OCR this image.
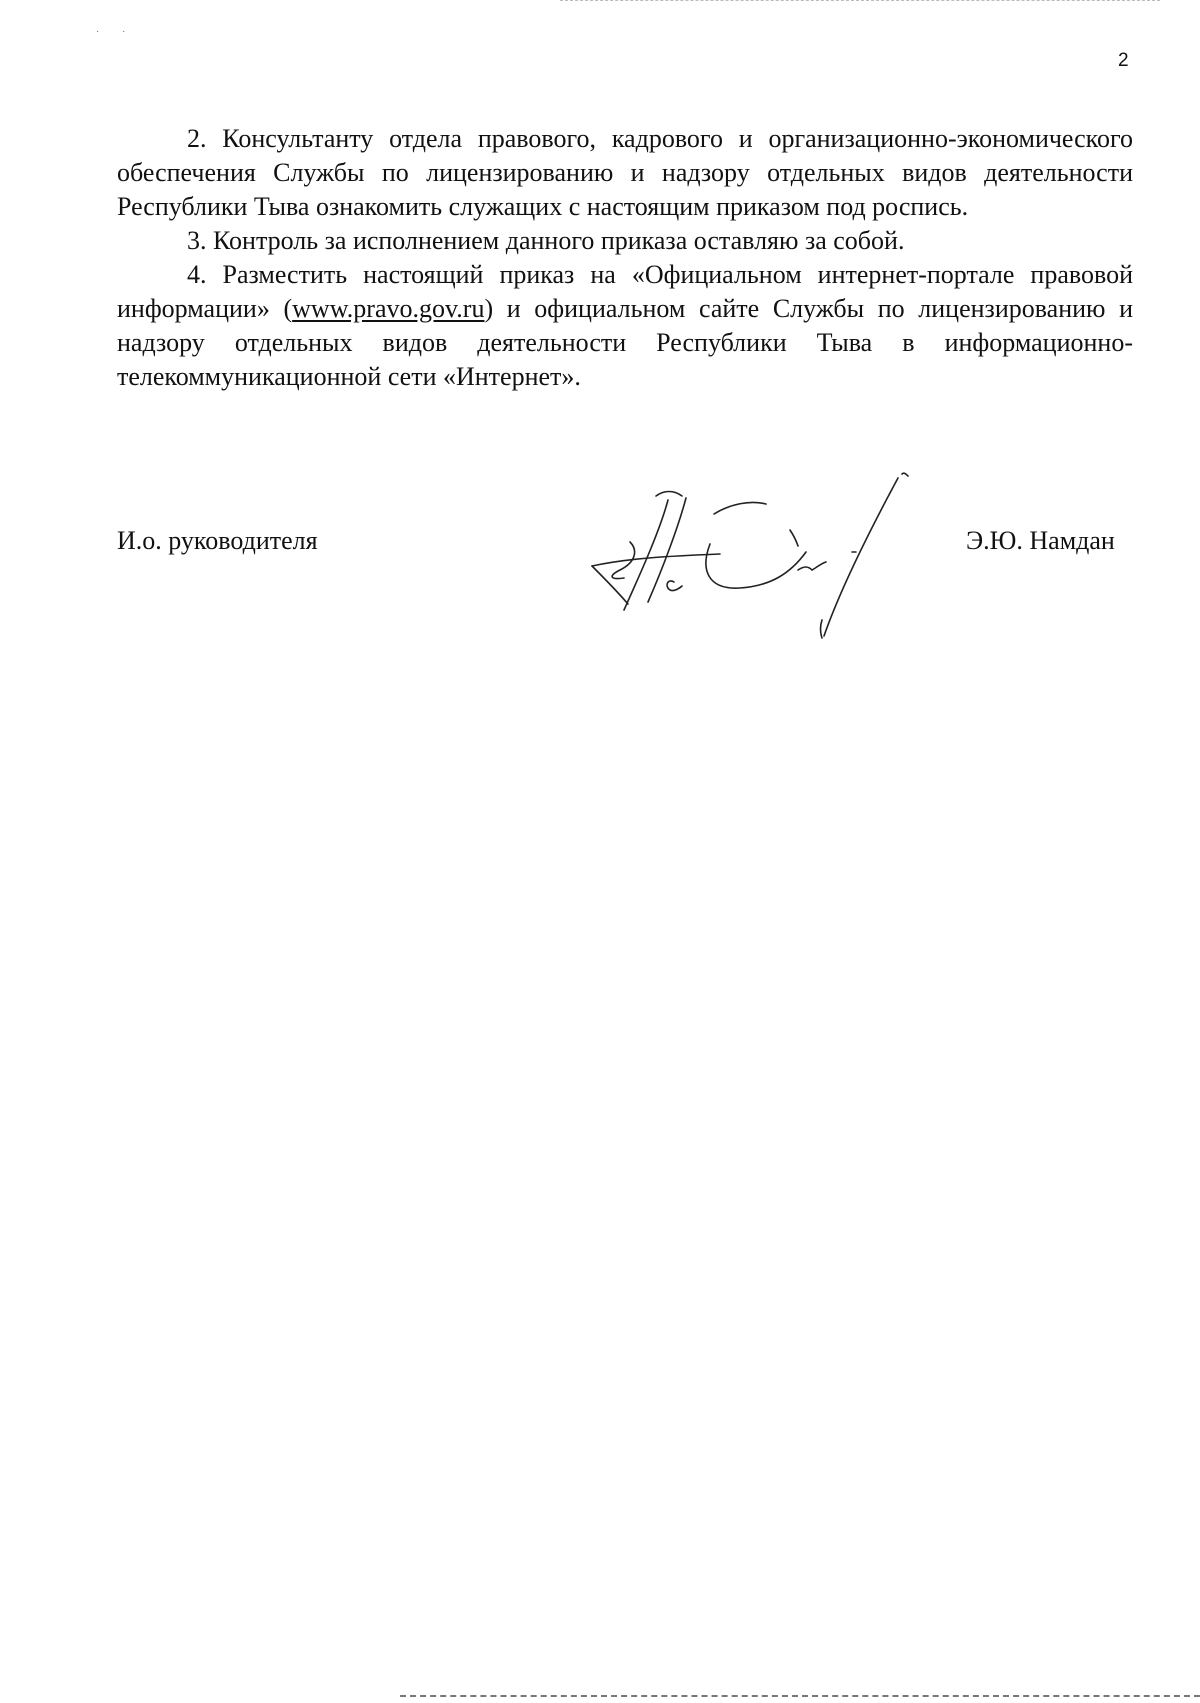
· ·
2

2. Консультанту отдела правового, кадрового и организационно-экономического обеспечения Службы по лицензированию и надзору отдельных видов деятельности Республики Тыва ознакомить служащих с настоящим приказом под роспись.

3. Контроль за исполнением данного приказа оставляю за собой.

4. Разместить настоящий приказ на «Официальном интернет-портале правовой информации» (www.pravo.gov.ru) и официальном сайте Службы по лицензированию и надзору отдельных видов деятельности Республики Тыва в информационно-телекоммуникационной сети «Интернет».

И.о. руководителя	Э.Ю. Намдан
